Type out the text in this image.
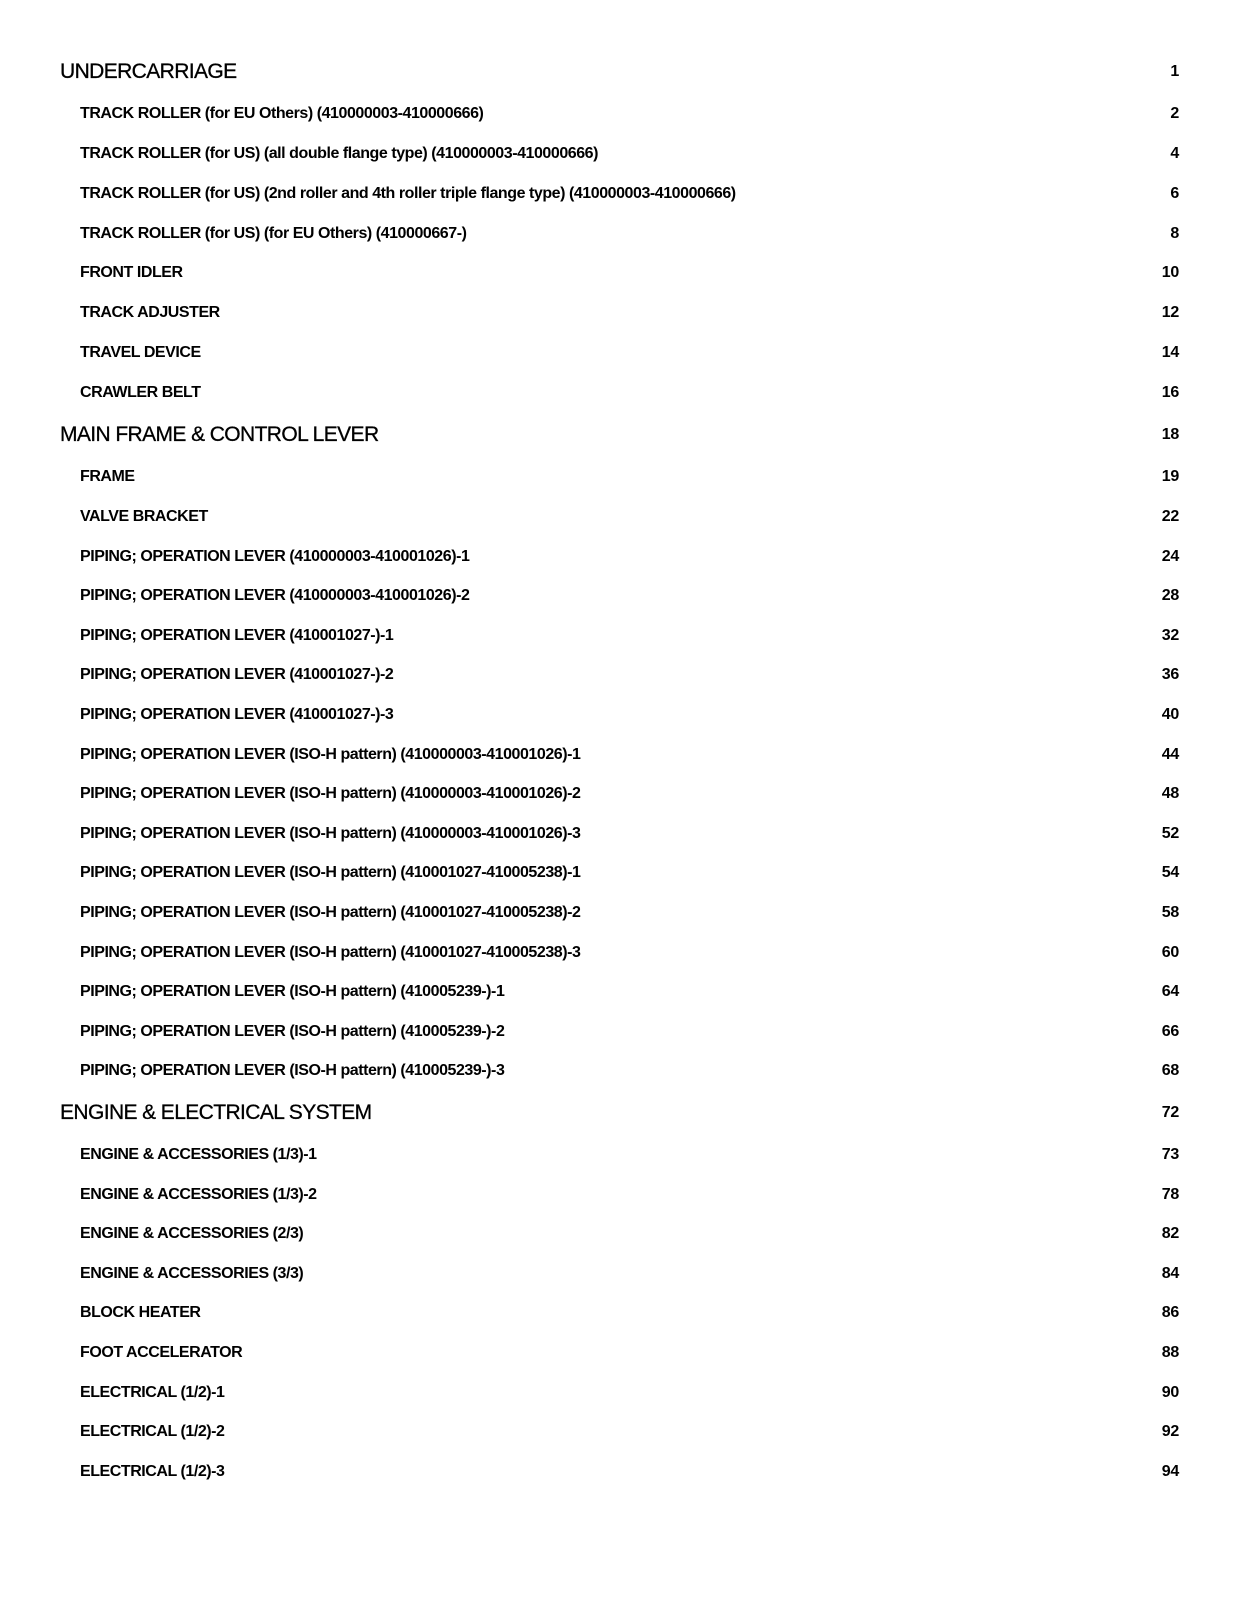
UNDERCARRIAGE	1
TRACK ROLLER (for EU Others) (410000003-410000666)	2
TRACK ROLLER (for US) (all double flange type) (410000003-410000666)	4
TRACK ROLLER (for US) (2nd roller and 4th roller triple flange type) (410000003-410000666)	6
TRACK ROLLER (for US) (for EU Others) (410000667-)	8
FRONT IDLER	10
TRACK ADJUSTER	12
TRAVEL DEVICE	14
CRAWLER BELT	16
MAIN FRAME & CONTROL LEVER	18
FRAME	19
VALVE BRACKET	22
PIPING; OPERATION LEVER (410000003-410001026)-1	24
PIPING; OPERATION LEVER (410000003-410001026)-2	28
PIPING; OPERATION LEVER (410001027-)-1	32
PIPING; OPERATION LEVER (410001027-)-2	36
PIPING; OPERATION LEVER (410001027-)-3	40
PIPING; OPERATION LEVER (ISO-H pattern) (410000003-410001026)-1	44
PIPING; OPERATION LEVER (ISO-H pattern) (410000003-410001026)-2	48
PIPING; OPERATION LEVER (ISO-H pattern) (410000003-410001026)-3	52
PIPING; OPERATION LEVER (ISO-H pattern) (410001027-410005238)-1	54
PIPING; OPERATION LEVER (ISO-H pattern) (410001027-410005238)-2	58
PIPING; OPERATION LEVER (ISO-H pattern) (410001027-410005238)-3	60
PIPING; OPERATION LEVER (ISO-H pattern) (410005239-)-1	64
PIPING; OPERATION LEVER (ISO-H pattern) (410005239-)-2	66
PIPING; OPERATION LEVER (ISO-H pattern) (410005239-)-3	68
ENGINE & ELECTRICAL SYSTEM	72
ENGINE & ACCESSORIES (1/3)-1	73
ENGINE & ACCESSORIES (1/3)-2	78
ENGINE & ACCESSORIES (2/3)	82
ENGINE & ACCESSORIES (3/3)	84
BLOCK HEATER	86
FOOT ACCELERATOR	88
ELECTRICAL (1/2)-1	90
ELECTRICAL (1/2)-2	92
ELECTRICAL (1/2)-3	94
